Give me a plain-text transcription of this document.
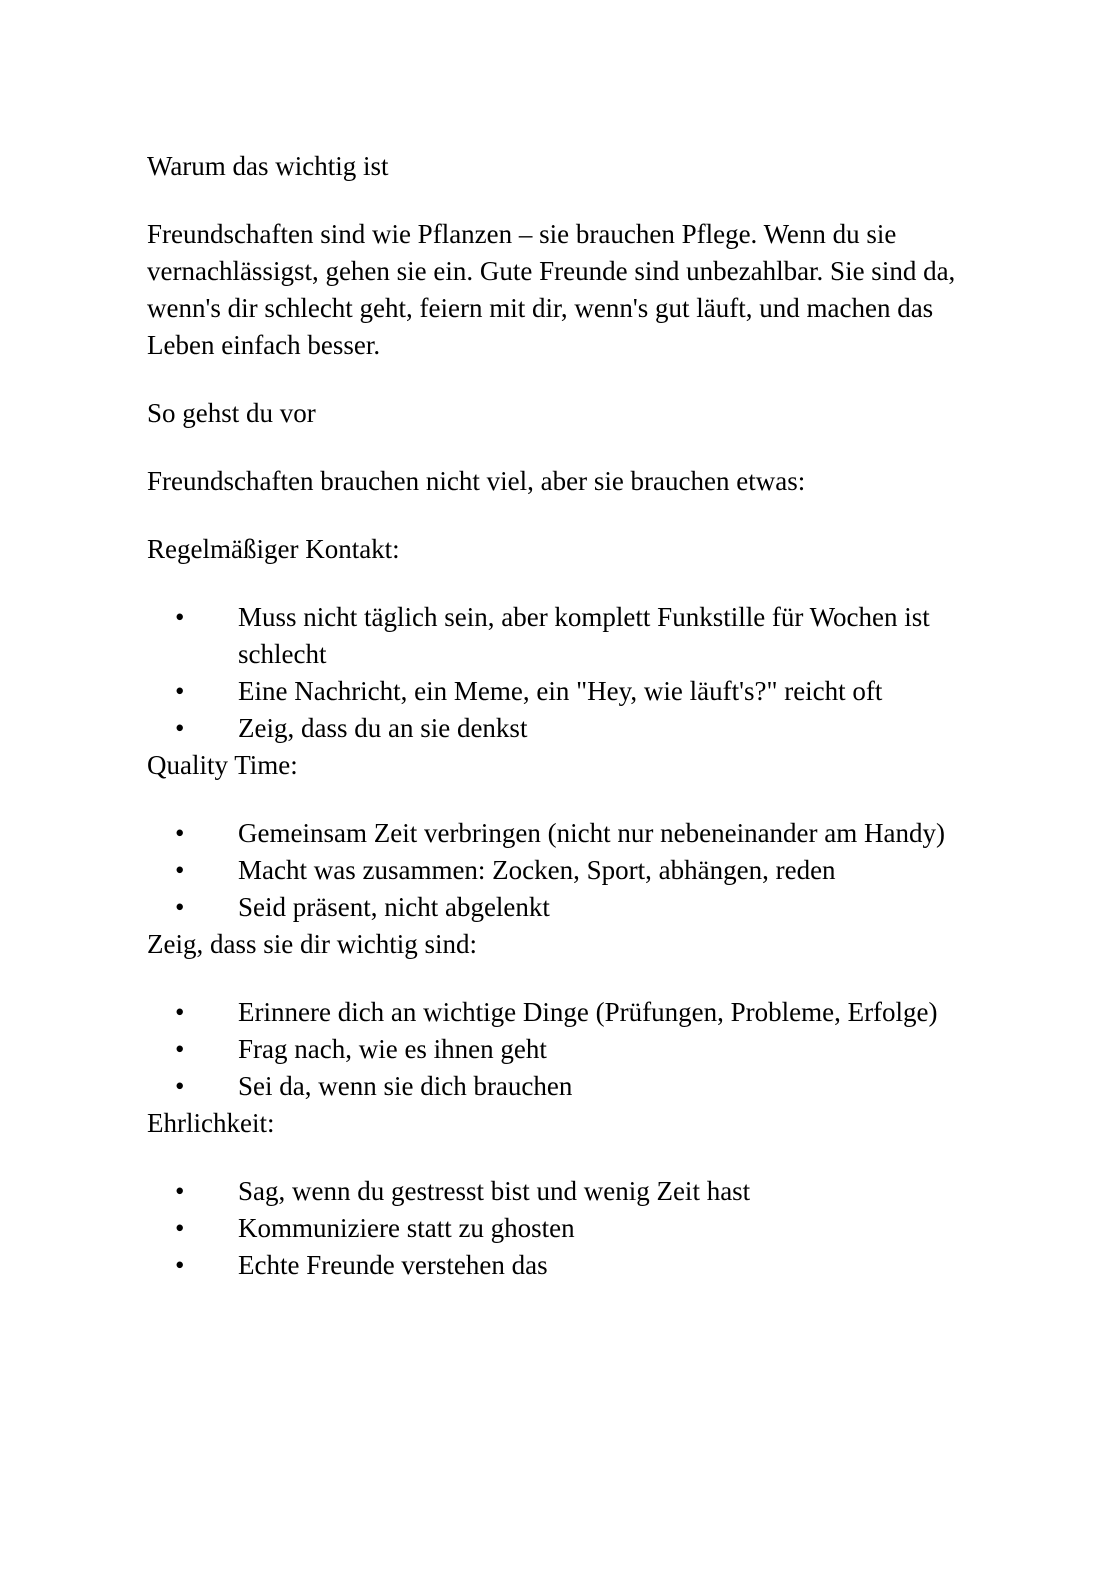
Warum das wichtig ist

Freundschaften sind wie Pflanzen – sie brauchen Pflege. Wenn du sie vernachlässigst, gehen sie ein. Gute Freunde sind unbezahlbar. Sie sind da, wenn's dir schlecht geht, feiern mit dir, wenn's gut läuft, und machen das Leben einfach besser.

So gehst du vor

Freundschaften brauchen nicht viel, aber sie brauchen etwas:

Regelmäßiger Kontakt:

• Muss nicht täglich sein, aber komplett Funkstille für Wochen ist schlecht
• Eine Nachricht, ein Meme, ein "Hey, wie läuft's?" reicht oft
• Zeig, dass du an sie denkst

Quality Time:

• Gemeinsam Zeit verbringen (nicht nur nebeneinander am Handy)
• Macht was zusammen: Zocken, Sport, abhängen, reden
• Seid präsent, nicht abgelenkt

Zeig, dass sie dir wichtig sind:

• Erinnere dich an wichtige Dinge (Prüfungen, Probleme, Erfolge)
• Frag nach, wie es ihnen geht
• Sei da, wenn sie dich brauchen

Ehrlichkeit:

• Sag, wenn du gestresst bist und wenig Zeit hast
• Kommuniziere statt zu ghosten
• Echte Freunde verstehen das
